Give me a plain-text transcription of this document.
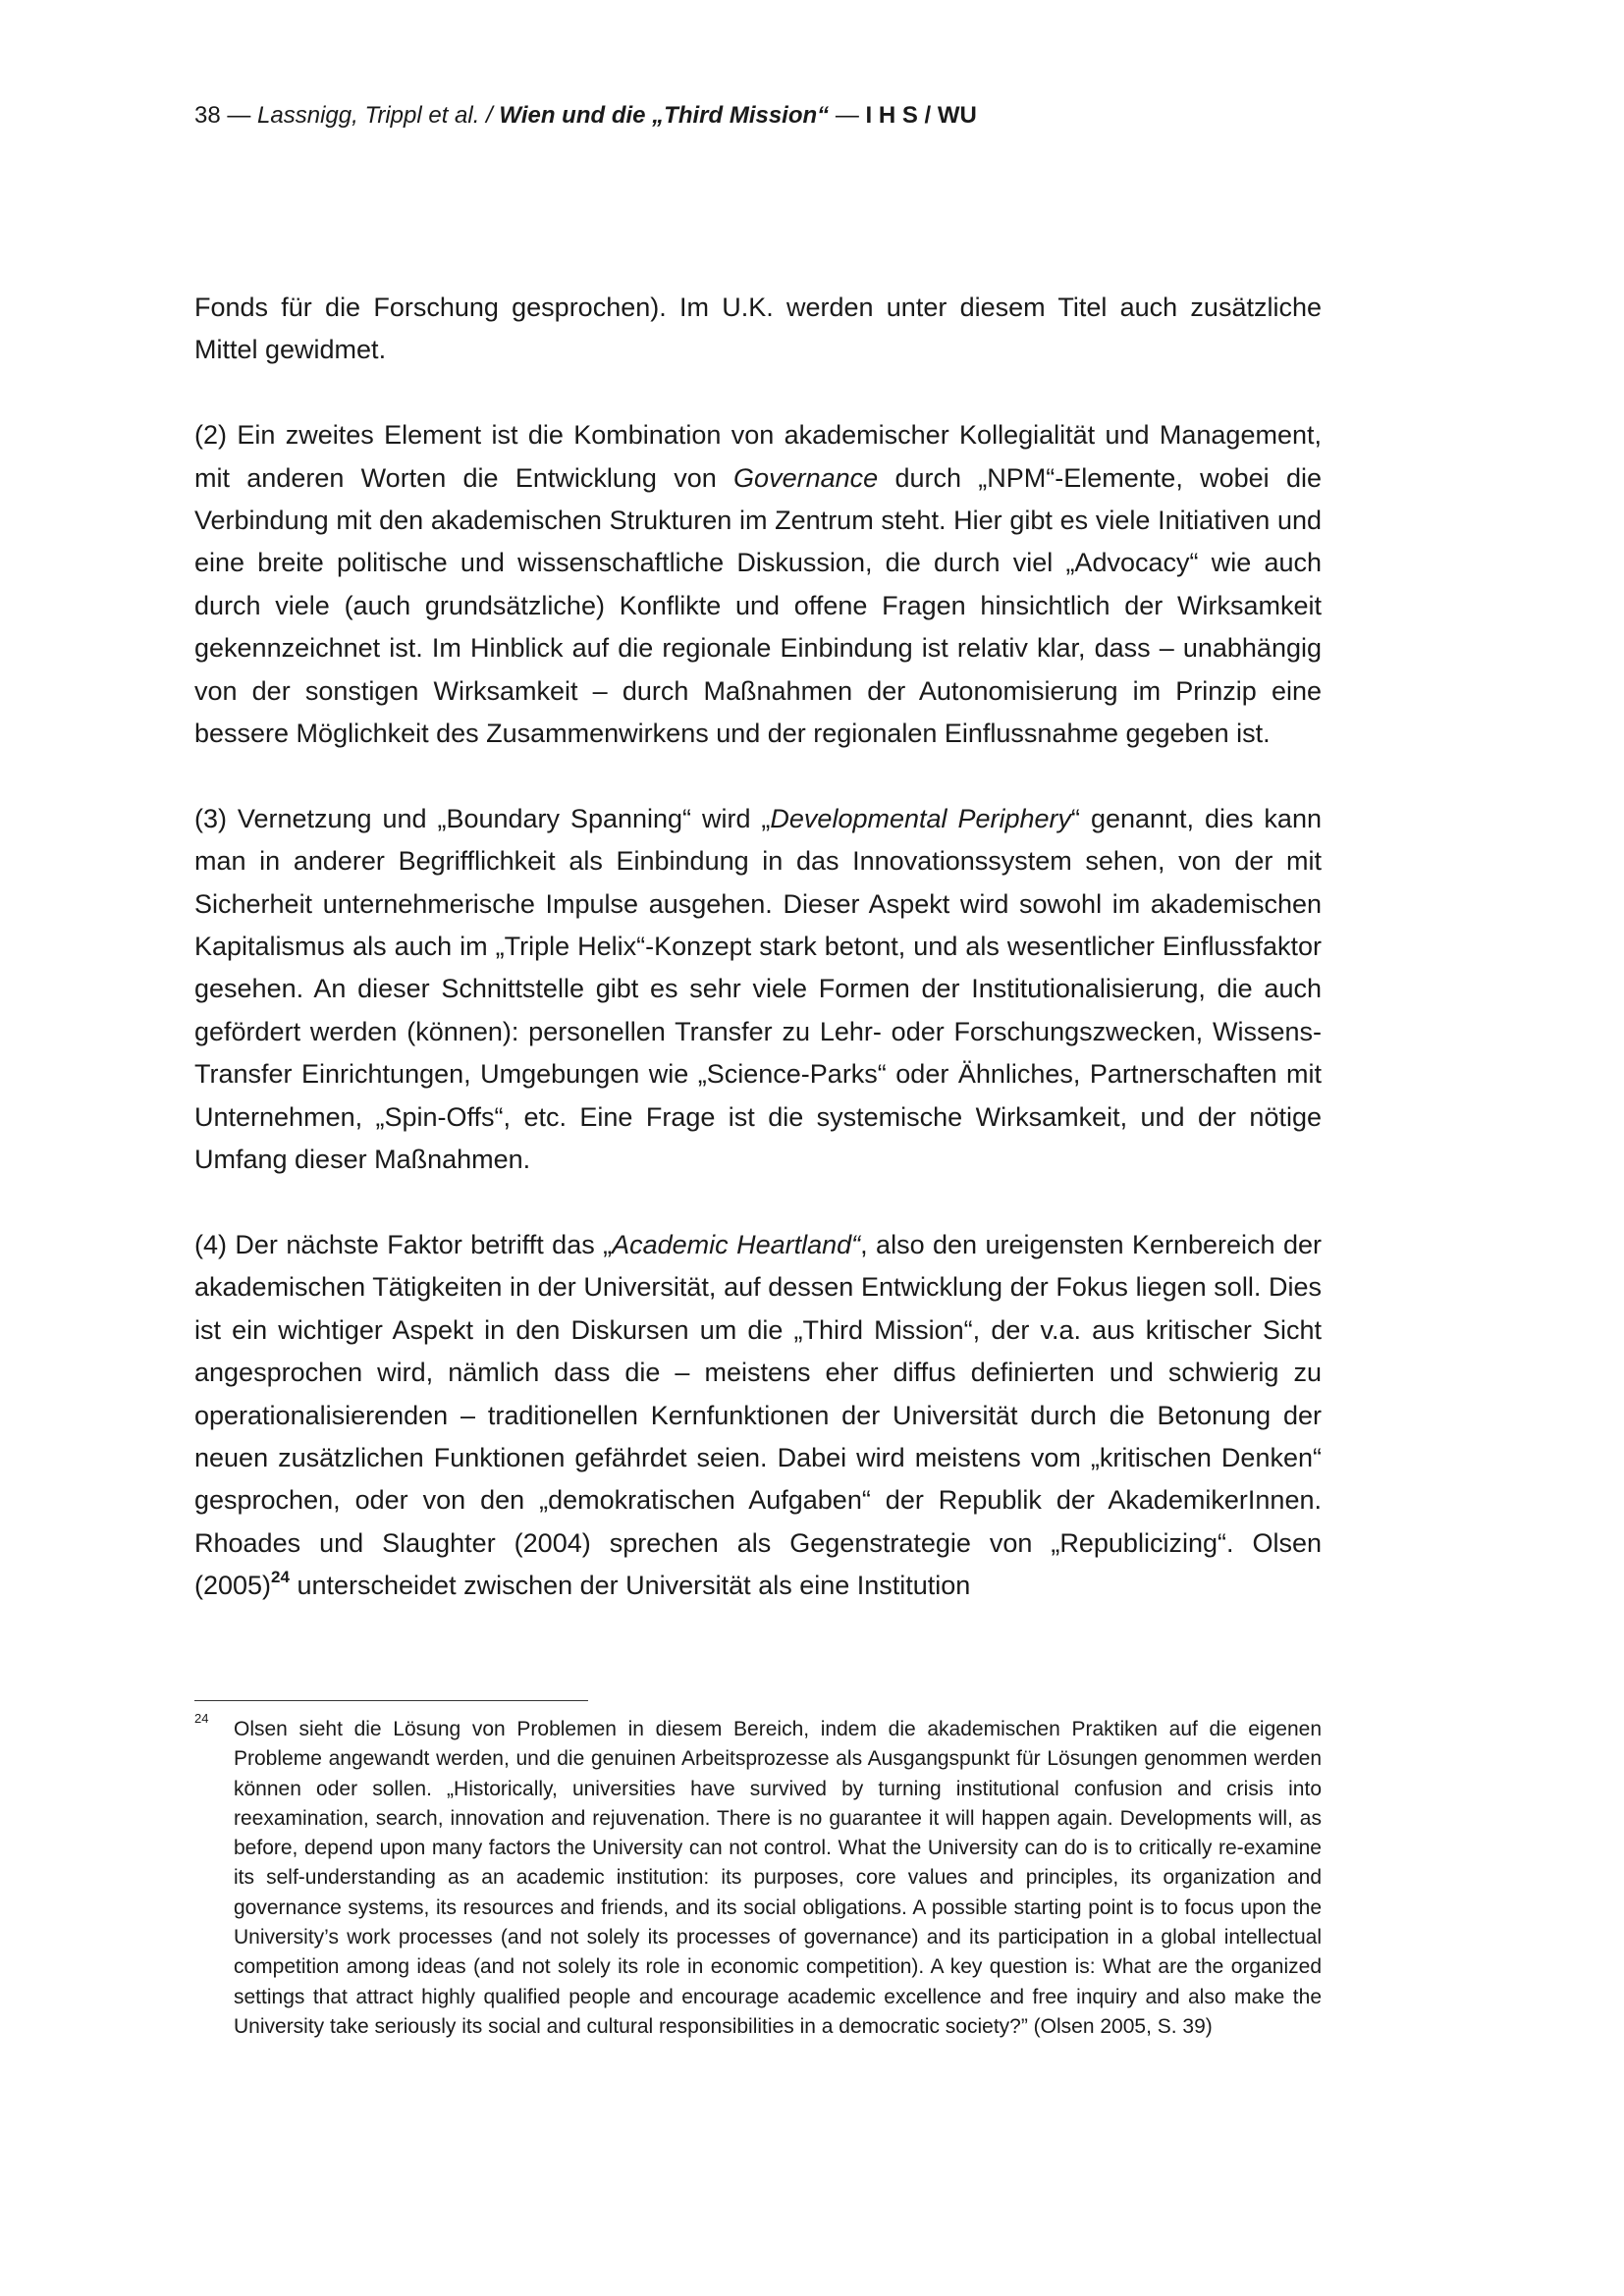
38 — Lassnigg, Trippl et al. / Wien und die „Third Mission“ — I H S / WU

Fonds für die Forschung gesprochen). Im U.K. werden unter diesem Titel auch zusätzliche Mittel gewidmet.

(2) Ein zweites Element ist die Kombination von akademischer Kollegialität und Management, mit anderen Worten die Entwicklung von Governance durch „NPM“-Elemente, wobei die Verbindung mit den akademischen Strukturen im Zentrum steht. Hier gibt es viele Initiativen und eine breite politische und wissenschaftliche Diskussion, die durch viel „Advocacy“ wie auch durch viele (auch grundsätzliche) Konflikte und offene Fragen hinsichtlich der Wirksamkeit gekennzeichnet ist. Im Hinblick auf die regionale Einbindung ist relativ klar, dass – unabhängig von der sonstigen Wirksamkeit – durch Maßnahmen der Autonomisierung im Prinzip eine bessere Möglichkeit des Zusammenwirkens und der regionalen Einflussnahme gegeben ist.

(3) Vernetzung und „Boundary Spanning“ wird „Developmental Periphery“ genannt, dies kann man in anderer Begrifflichkeit als Einbindung in das Innovationssystem sehen, von der mit Sicherheit unternehmerische Impulse ausgehen. Dieser Aspekt wird sowohl im akademischen Kapitalismus als auch im „Triple Helix“-Konzept stark betont, und als wesentlicher Einflussfaktor gesehen. An dieser Schnittstelle gibt es sehr viele Formen der Institutionalisierung, die auch gefördert werden (können): personellen Transfer zu Lehr- oder Forschungszwecken, Wissens-Transfer Einrichtungen, Umgebungen wie „Science-Parks“ oder Ähnliches, Partnerschaften mit Unternehmen, „Spin-Offs“, etc. Eine Frage ist die systemische Wirksamkeit, und der nötige Umfang dieser Maßnahmen.

(4) Der nächste Faktor betrifft das „Academic Heartland“, also den ureigensten Kernbereich der akademischen Tätigkeiten in der Universität, auf dessen Entwicklung der Fokus liegen soll. Dies ist ein wichtiger Aspekt in den Diskursen um die „Third Mission“, der v.a. aus kritischer Sicht angesprochen wird, nämlich dass die – meistens eher diffus definierten und schwierig zu operationalisierenden – traditionellen Kernfunktionen der Universität durch die Betonung der neuen zusätzlichen Funktionen gefährdet seien. Dabei wird meistens vom „kritischen Denken“ gesprochen, oder von den „demokratischen Aufgaben“ der Republik der AkademikerInnen. Rhoades und Slaughter (2004) sprechen als Gegenstrategie von „Republicizing“. Olsen $(2005)^{24}$ unterscheidet zwischen der Universität als eine Institution

24 Olsen sieht die Lösung von Problemen in diesem Bereich, indem die akademischen Praktiken auf die eigenen Probleme angewandt werden, und die genuinen Arbeitsprozesse als Ausgangspunkt für Lösungen genommen werden können oder sollen. „Historically, universities have survived by turning institutional confusion and crisis into reexamination, search, innovation and rejuvenation. There is no guarantee it will happen again. Developments will, as before, depend upon many factors the University can not control. What the University can do is to critically re-examine its self-understanding as an academic institution: its purposes, core values and principles, its organization and governance systems, its resources and friends, and its social obligations. A possible starting point is to focus upon the University’s work processes (and not solely its processes of governance) and its participation in a global intellectual competition among ideas (and not solely its role in economic competition). A key question is: What are the organized settings that attract highly qualified people and encourage academic excellence and free inquiry and also make the University take seriously its social and cultural responsibilities in a democratic society?” (Olsen 2005, S. 39)
